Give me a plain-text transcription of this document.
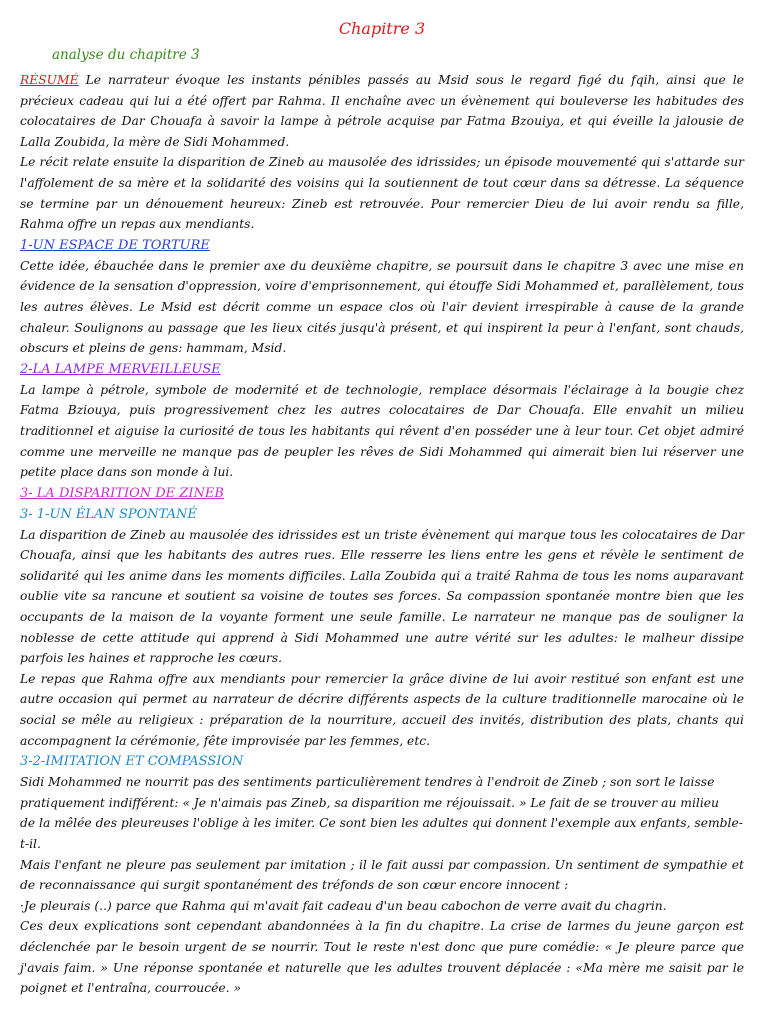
Chapitre 3
analyse du chapitre 3

RÉSUMÉ Le narrateur évoque les instants pénibles passés au Msid sous le regard figé du fqih, ainsi que le précieux cadeau qui lui a été offert par Rahma. Il enchaîne avec un évènement qui bouleverse les habitudes des colocataires de Dar Chouafa à savoir la lampe à pétrole acquise par Fatma Bzouiya, et qui éveille la jalousie de Lalla Zoubida, la mère de Sidi Mohammed.

Le récit relate ensuite la disparition de Zineb au mausolée des idrissides; un épisode mouvementé qui s'attarde sur l'affolement de sa mère et la solidarité des voisins qui la soutiennent de tout cœur dans sa détresse. La séquence se termine par un dénouement heureux: Zineb est retrouvée. Pour remercier Dieu de lui avoir rendu sa fille, Rahma offre un repas aux mendiants.

1-UN ESPACE DE TORTURE

Cette idée, ébauchée dans le premier axe du deuxième chapitre, se poursuit dans le chapitre 3 avec une mise en évidence de la sensation d'oppression, voire d'emprisonnement, qui étouffe Sidi Mohammed et, parallèlement, tous les autres élèves. Le Msid est décrit comme un espace clos où l'air devient irrespirable à cause de la grande chaleur. Soulignons au passage que les lieux cités jusqu'à présent, et qui inspirent la peur à l'enfant, sont chauds, obscurs et pleins de gens: hammam, Msid.

2-LA LAMPE MERVEILLEUSE

La lampe à pétrole, symbole de modernité et de technologie, remplace désormais l'éclairage à la bougie chez Fatma Bziouya, puis progressivement chez les autres colocataires de Dar Chouafa. Elle envahit un milieu traditionnel et aiguise la curiosité de tous les habitants qui rêvent d'en posséder une à leur tour. Cet objet admiré comme une merveille ne manque pas de peupler les rêves de Sidi Mohammed qui aimerait bien lui réserver une petite place dans son monde à lui.

3- LA DISPARITION DE ZINEB

3- 1-UN ÉLAN SPONTANÉ

La disparition de Zineb au mausolée des idrissides est un triste évènement qui marque tous les colocataires de Dar Chouafa, ainsi que les habitants des autres rues. Elle resserre les liens entre les gens et révèle le sentiment de solidarité qui les anime dans les moments difficiles. Lalla Zoubida qui a traité Rahma de tous les noms auparavant oublie vite sa rancune et soutient sa voisine de toutes ses forces. Sa compassion spontanée montre bien que les occupants de la maison de la voyante forment une seule famille. Le narrateur ne manque pas de souligner la noblesse de cette attitude qui apprend à Sidi Mohammed une autre vérité sur les adultes: le malheur dissipe parfois les haines et rapproche les cœurs.

Le repas que Rahma offre aux mendiants pour remercier la grâce divine de lui avoir restitué son enfant est une autre occasion qui permet au narrateur de décrire différents aspects de la culture traditionnelle marocaine où le social se mêle au religieux : préparation de la nourriture, accueil des invités, distribution des plats, chants qui accompagnent la cérémonie, fête improvisée par les femmes, etc.

3-2-IMITATION ET COMPASSION

Sidi Mohammed ne nourrit pas des sentiments particulièrement tendres à l'endroit de Zineb ; son sort le laisse

pratiquement indifférent: « Je n'aimais pas Zineb, sa disparition me réjouissait. » Le fait de se trouver au milieu

de la mêlée des pleureuses l'oblige à les imiter. Ce sont bien les adultes qui donnent l'exemple aux enfants, semble-t-il.

Mais l'enfant ne pleure pas seulement par imitation ; il le fait aussi par compassion. Un sentiment de sympathie et de reconnaissance qui surgit spontanément des tréfonds de son cœur encore innocent :

·Je pleurais (..) parce que Rahma qui m'avait fait cadeau d'un beau cabochon de verre avait du chagrin.

Ces deux explications sont cependant abandonnées à la fin du chapitre. La crise de larmes du jeune garçon est déclenchée par le besoin urgent de se nourrir. Tout le reste n'est donc que pure comédie: « Je pleure parce que j'avais faim. » Une réponse spontanée et naturelle que les adultes trouvent déplacée : «Ma mère me saisit par le poignet et l'entraîna, courroucée. »
